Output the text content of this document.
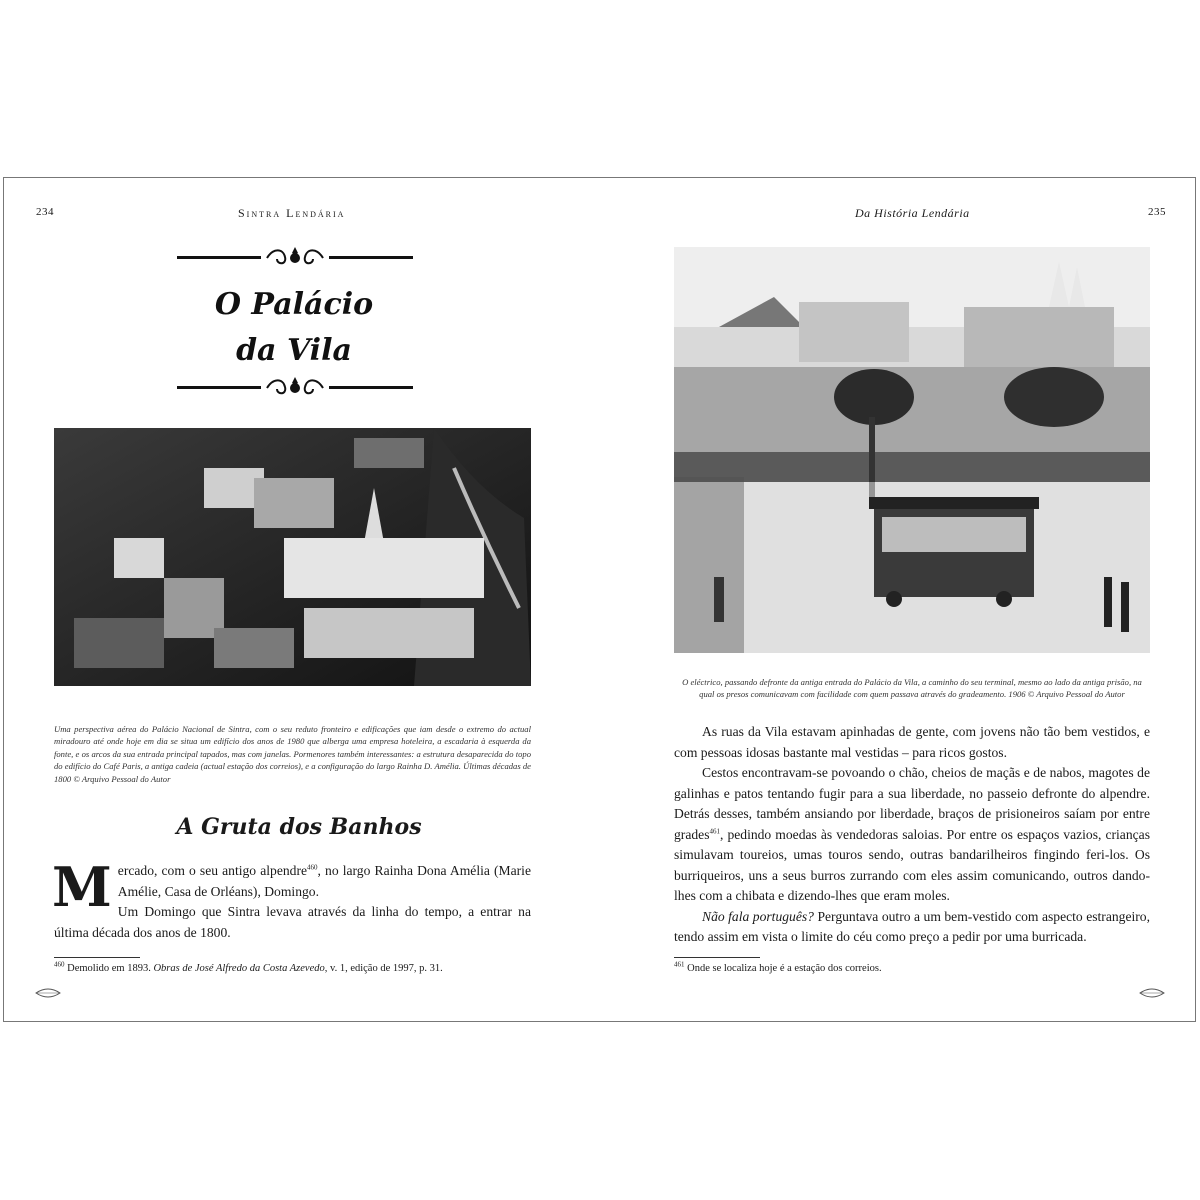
234	Sintra Lendária
O Palácio
da Vila
Uma perspectiva aérea do Palácio Nacional de Sintra, com o seu reduto fronteiro e edificações que iam desde o extremo do actual miradouro até onde hoje em dia se situa um edifício dos anos de 1980 que alberga uma empresa hoteleira, a escadaria à esquerda da fonte, e os arcos da sua entrada principal tapados, mas com janelas. Pormenores também interessantes: a estrutura desaparecida do topo do edifício do Café Paris, a antiga cadeia (actual estação dos correios), e a configuração do largo Rainha D. Amélia. Últimas décadas de 1800 © Arquivo Pessoal do Autor
A Gruta dos Banhos

Mercado, com o seu antigo alpendre$^{460}$, no largo Rainha Dona Amélia (Marie Amélie, Casa de Orléans), Domingo.

Um Domingo que Sintra levava através da linha do tempo, a entrar na última década dos anos de 1800.

$^{460}$ Demolido em 1893. Obras de José Alfredo da Costa Azevedo, v. 1, edição de 1997, p. 31.
Da História Lendária	235
O eléctrico, passando defronte da antiga entrada do Palácio da Vila, a caminho do seu terminal, mesmo ao lado da antiga prisão, na qual os presos comunicavam com facilidade com quem passava através do gradeamento. 1906 © Arquivo Pessoal do Autor

As ruas da Vila estavam apinhadas de gente, com jovens não tão bem vestidos, e com pessoas idosas bastante mal vestidas – para ricos gostos.

Cestos encontravam-se povoando o chão, cheios de maçãs e de nabos, magotes de galinhas e patos tentando fugir para a sua liberdade, no passeio defronte do alpendre. Detrás desses, também ansiando por liberdade, braços de prisioneiros saíam por entre grades$^{461}$, pedindo moedas às vendedoras saloias. Por entre os espaços vazios, crianças simulavam toureios, umas touros sendo, outras bandarilheiros fingindo feri-los. Os burriqueiros, uns a seus burros zurrando com eles assim comunicando, outros dando-lhes com a chibata e dizendo-lhes que eram moles.

Não fala português? Perguntava outro a um bem-vestido com aspecto estrangeiro, tendo assim em vista o limite do céu como preço a pedir por uma burricada.

$^{461}$ Onde se localiza hoje é a estação dos correios.
